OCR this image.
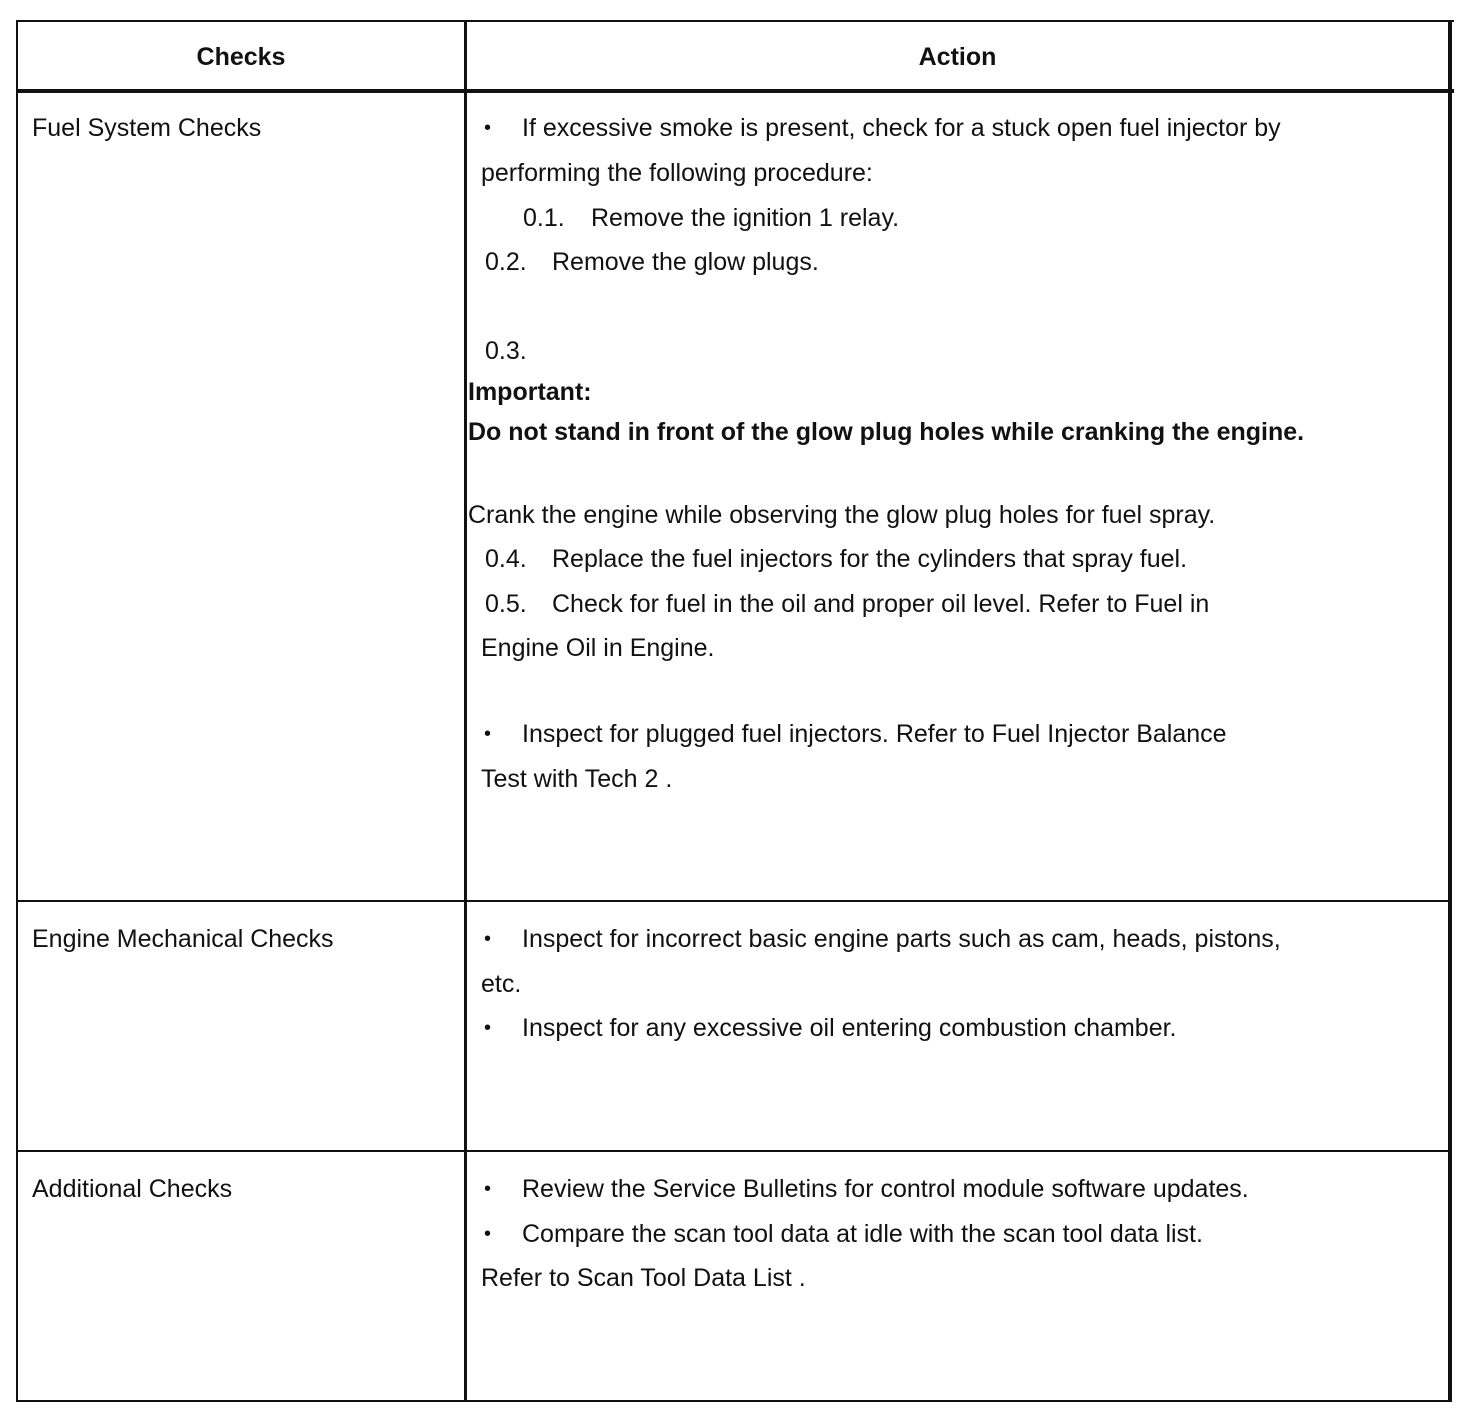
Checks	Action
Fuel System Checks	• If excessive smoke is present, check for a stuck open fuel injector by
performing the following procedure:
0.1. Remove the ignition 1 relay.
0.2. Remove the glow plugs.
0.3.
Important:
Do not stand in front of the glow plug holes while cranking the engine.
Crank the engine while observing the glow plug holes for fuel spray.
0.4. Replace the fuel injectors for the cylinders that spray fuel.
0.5. Check for fuel in the oil and proper oil level. Refer to Fuel in
Engine Oil in Engine.
• Inspect for plugged fuel injectors. Refer to Fuel Injector Balance
Test with Tech 2 .
Engine Mechanical Checks	• Inspect for incorrect basic engine parts such as cam, heads, pistons,
etc.
• Inspect for any excessive oil entering combustion chamber.
Additional Checks	• Review the Service Bulletins for control module software updates.
• Compare the scan tool data at idle with the scan tool data list.
Refer to Scan Tool Data List .
